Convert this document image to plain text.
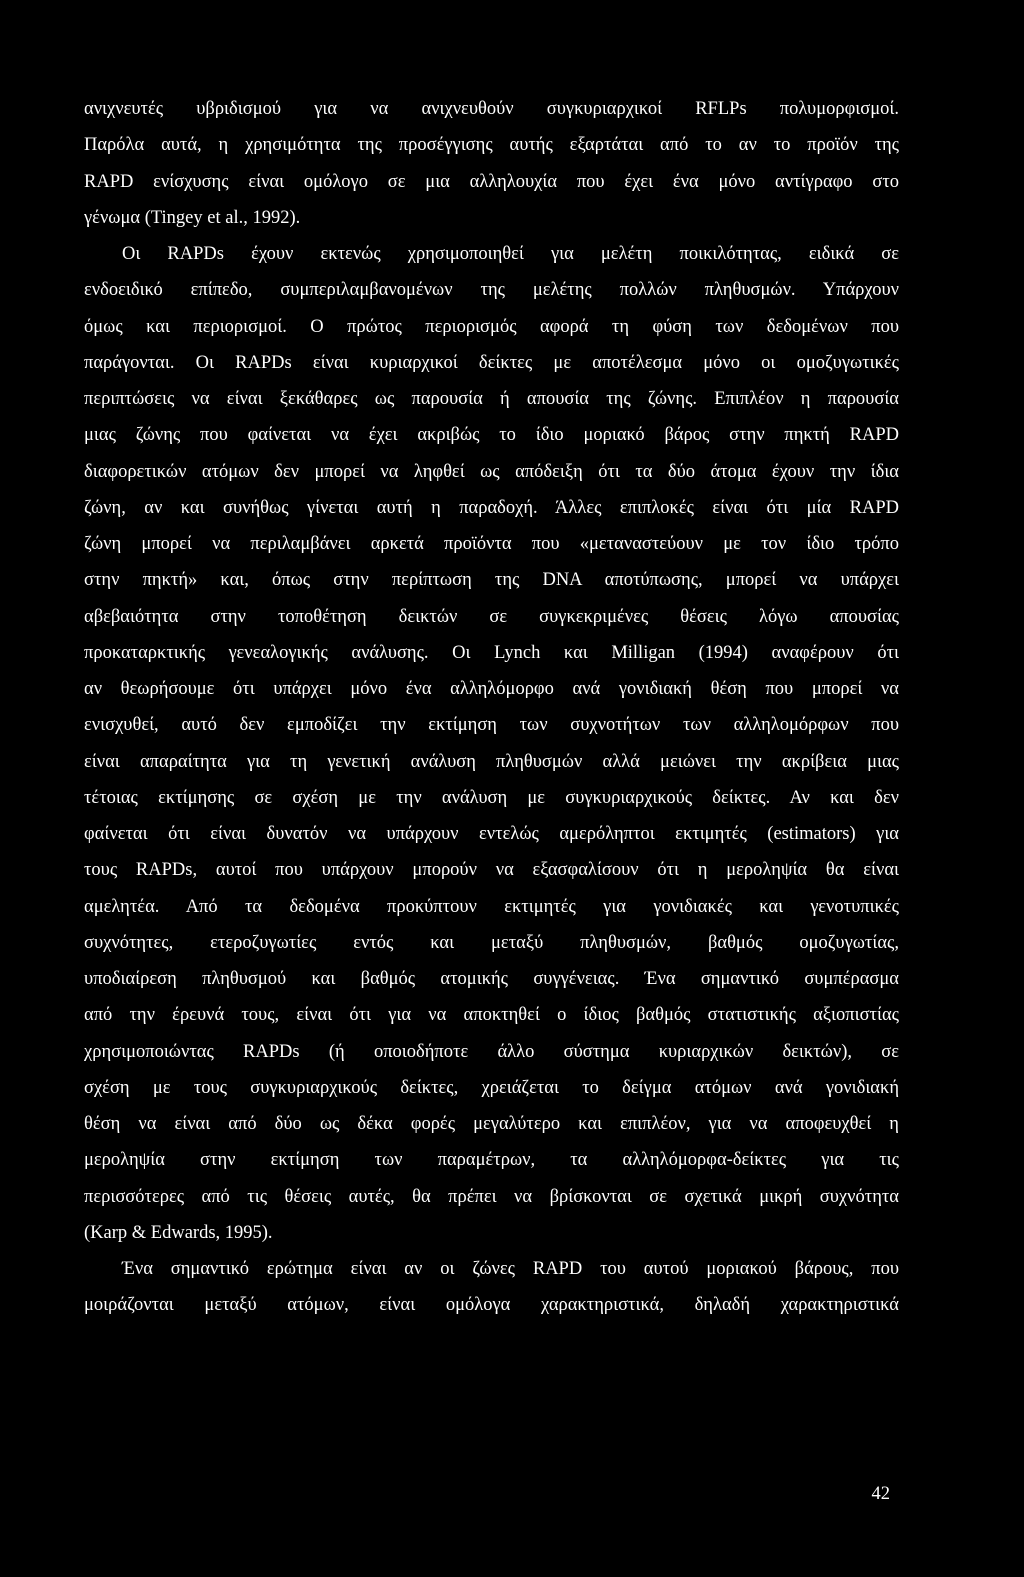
ανιχνευτές υβριδισμού για να ανιχνευθούν συγκυριαρχικοί RFLPs πολυμορφισμοί.
Παρόλα αυτά, η χρησιμότητα της προσέγγισης αυτής εξαρτάται από το αν το προϊόν της
RAPD ενίσχυσης είναι ομόλογο σε μια αλληλουχία που έχει ένα μόνο αντίγραφο στο
γένωμα (Tingey et al., 1992).
Οι RAPDs έχουν εκτενώς χρησιμοποιηθεί για μελέτη ποικιλότητας, ειδικά σε
ενδοειδικό επίπεδο, συμπεριλαμβανομένων της μελέτης πολλών πληθυσμών. Υπάρχουν
όμως και περιορισμοί. Ο πρώτος περιορισμός αφορά τη φύση των δεδομένων που
παράγονται. Οι RAPDs είναι κυριαρχικοί δείκτες με αποτέλεσμα μόνο οι ομοζυγωτικές
περιπτώσεις να είναι ξεκάθαρες ως παρουσία ή απουσία της ζώνης. Επιπλέον η παρουσία
μιας ζώνης που φαίνεται να έχει ακριβώς το ίδιο μοριακό βάρος στην πηκτή RAPD
διαφορετικών ατόμων δεν μπορεί να ληφθεί ως απόδειξη ότι τα δύο άτομα έχουν την ίδια
ζώνη, αν και συνήθως γίνεται αυτή η παραδοχή. Άλλες επιπλοκές είναι ότι μία RAPD
ζώνη μπορεί να περιλαμβάνει αρκετά προϊόντα που «μεταναστεύουν με τον ίδιο τρόπο
στην πηκτή» και, όπως στην περίπτωση της DNA αποτύπωσης, μπορεί να υπάρχει
αβεβαιότητα στην τοποθέτηση δεικτών σε συγκεκριμένες θέσεις λόγω απουσίας
προκαταρκτικής γενεαλογικής ανάλυσης. Οι Lynch και Milligan (1994) αναφέρουν ότι
αν θεωρήσουμε ότι υπάρχει μόνο ένα αλληλόμορφο ανά γονιδιακή θέση που μπορεί να
ενισχυθεί, αυτό δεν εμποδίζει την εκτίμηση των συχνοτήτων των αλληλομόρφων που
είναι απαραίτητα για τη γενετική ανάλυση πληθυσμών αλλά μειώνει την ακρίβεια μιας
τέτοιας εκτίμησης σε σχέση με την ανάλυση με συγκυριαρχικούς δείκτες. Αν και δεν
φαίνεται ότι είναι δυνατόν να υπάρχουν εντελώς αμερόληπτοι εκτιμητές (estimators) για
τους RAPDs, αυτοί που υπάρχουν μπορούν να εξασφαλίσουν ότι η μεροληψία θα είναι
αμελητέα. Από τα δεδομένα προκύπτουν εκτιμητές για γονιδιακές και γενοτυπικές
συχνότητες, ετεροζυγωτίες εντός και μεταξύ πληθυσμών, βαθμός ομοζυγωτίας,
υποδιαίρεση πληθυσμού και βαθμός ατομικής συγγένειας. Ένα σημαντικό συμπέρασμα
από την έρευνά τους, είναι ότι για να αποκτηθεί ο ίδιος βαθμός στατιστικής αξιοπιστίας
χρησιμοποιώντας RAPDs (ή οποιοδήποτε άλλο σύστημα κυριαρχικών δεικτών), σε
σχέση με τους συγκυριαρχικούς δείκτες, χρειάζεται το δείγμα ατόμων ανά γονιδιακή
θέση να είναι από δύο ως δέκα φορές μεγαλύτερο και επιπλέον, για να αποφευχθεί η
μεροληψία στην εκτίμηση των παραμέτρων, τα αλληλόμορφα-δείκτες για τις
περισσότερες από τις θέσεις αυτές, θα πρέπει να βρίσκονται σε σχετικά μικρή συχνότητα
(Karp & Edwards, 1995).
Ένα σημαντικό ερώτημα είναι αν οι ζώνες RAPD του αυτού μοριακού βάρους, που
μοιράζονται μεταξύ ατόμων, είναι ομόλογα χαρακτηριστικά, δηλαδή χαρακτηριστικά
42
